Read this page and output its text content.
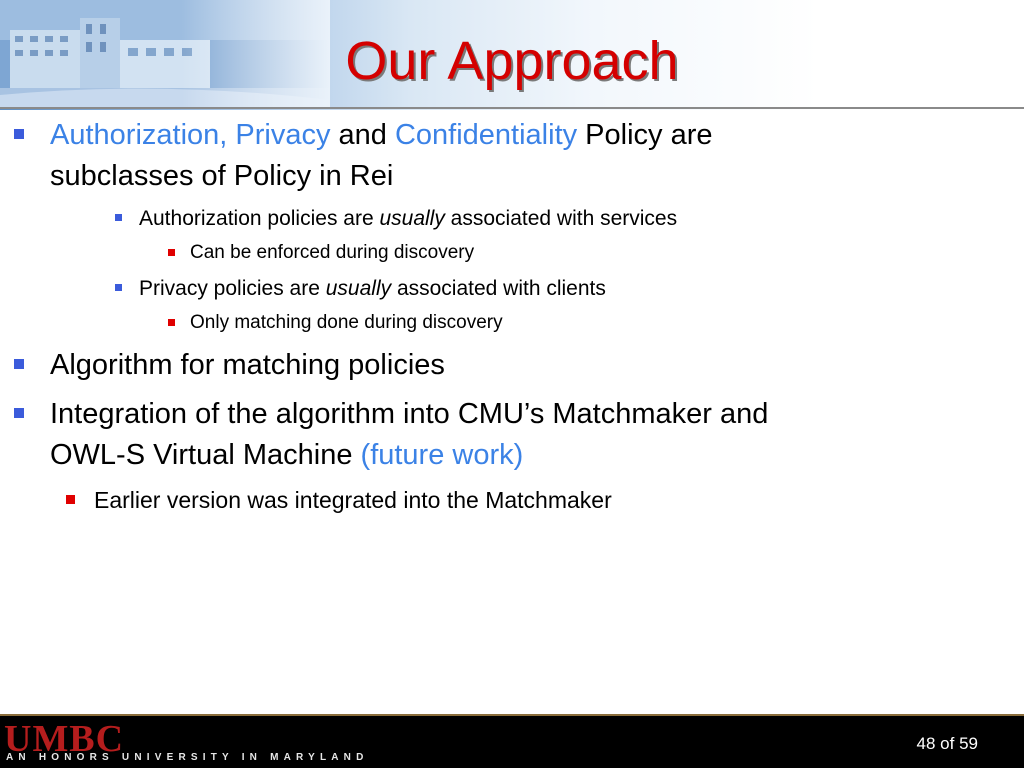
Our Approach
Authorization, Privacy and Confidentiality Policy are
subclasses of Policy in Rei
Authorization policies are usually associated with services
Can be enforced during discovery
Privacy policies are usually associated with clients
Only matching done during discovery
Algorithm for matching policies
Integration of the algorithm into CMU’s Matchmaker and
OWL-S Virtual Machine (future work)
Earlier version was integrated into the Matchmaker
UMBC
AN HONORS UNIVERSITY IN MARYLAND
48 of 59
